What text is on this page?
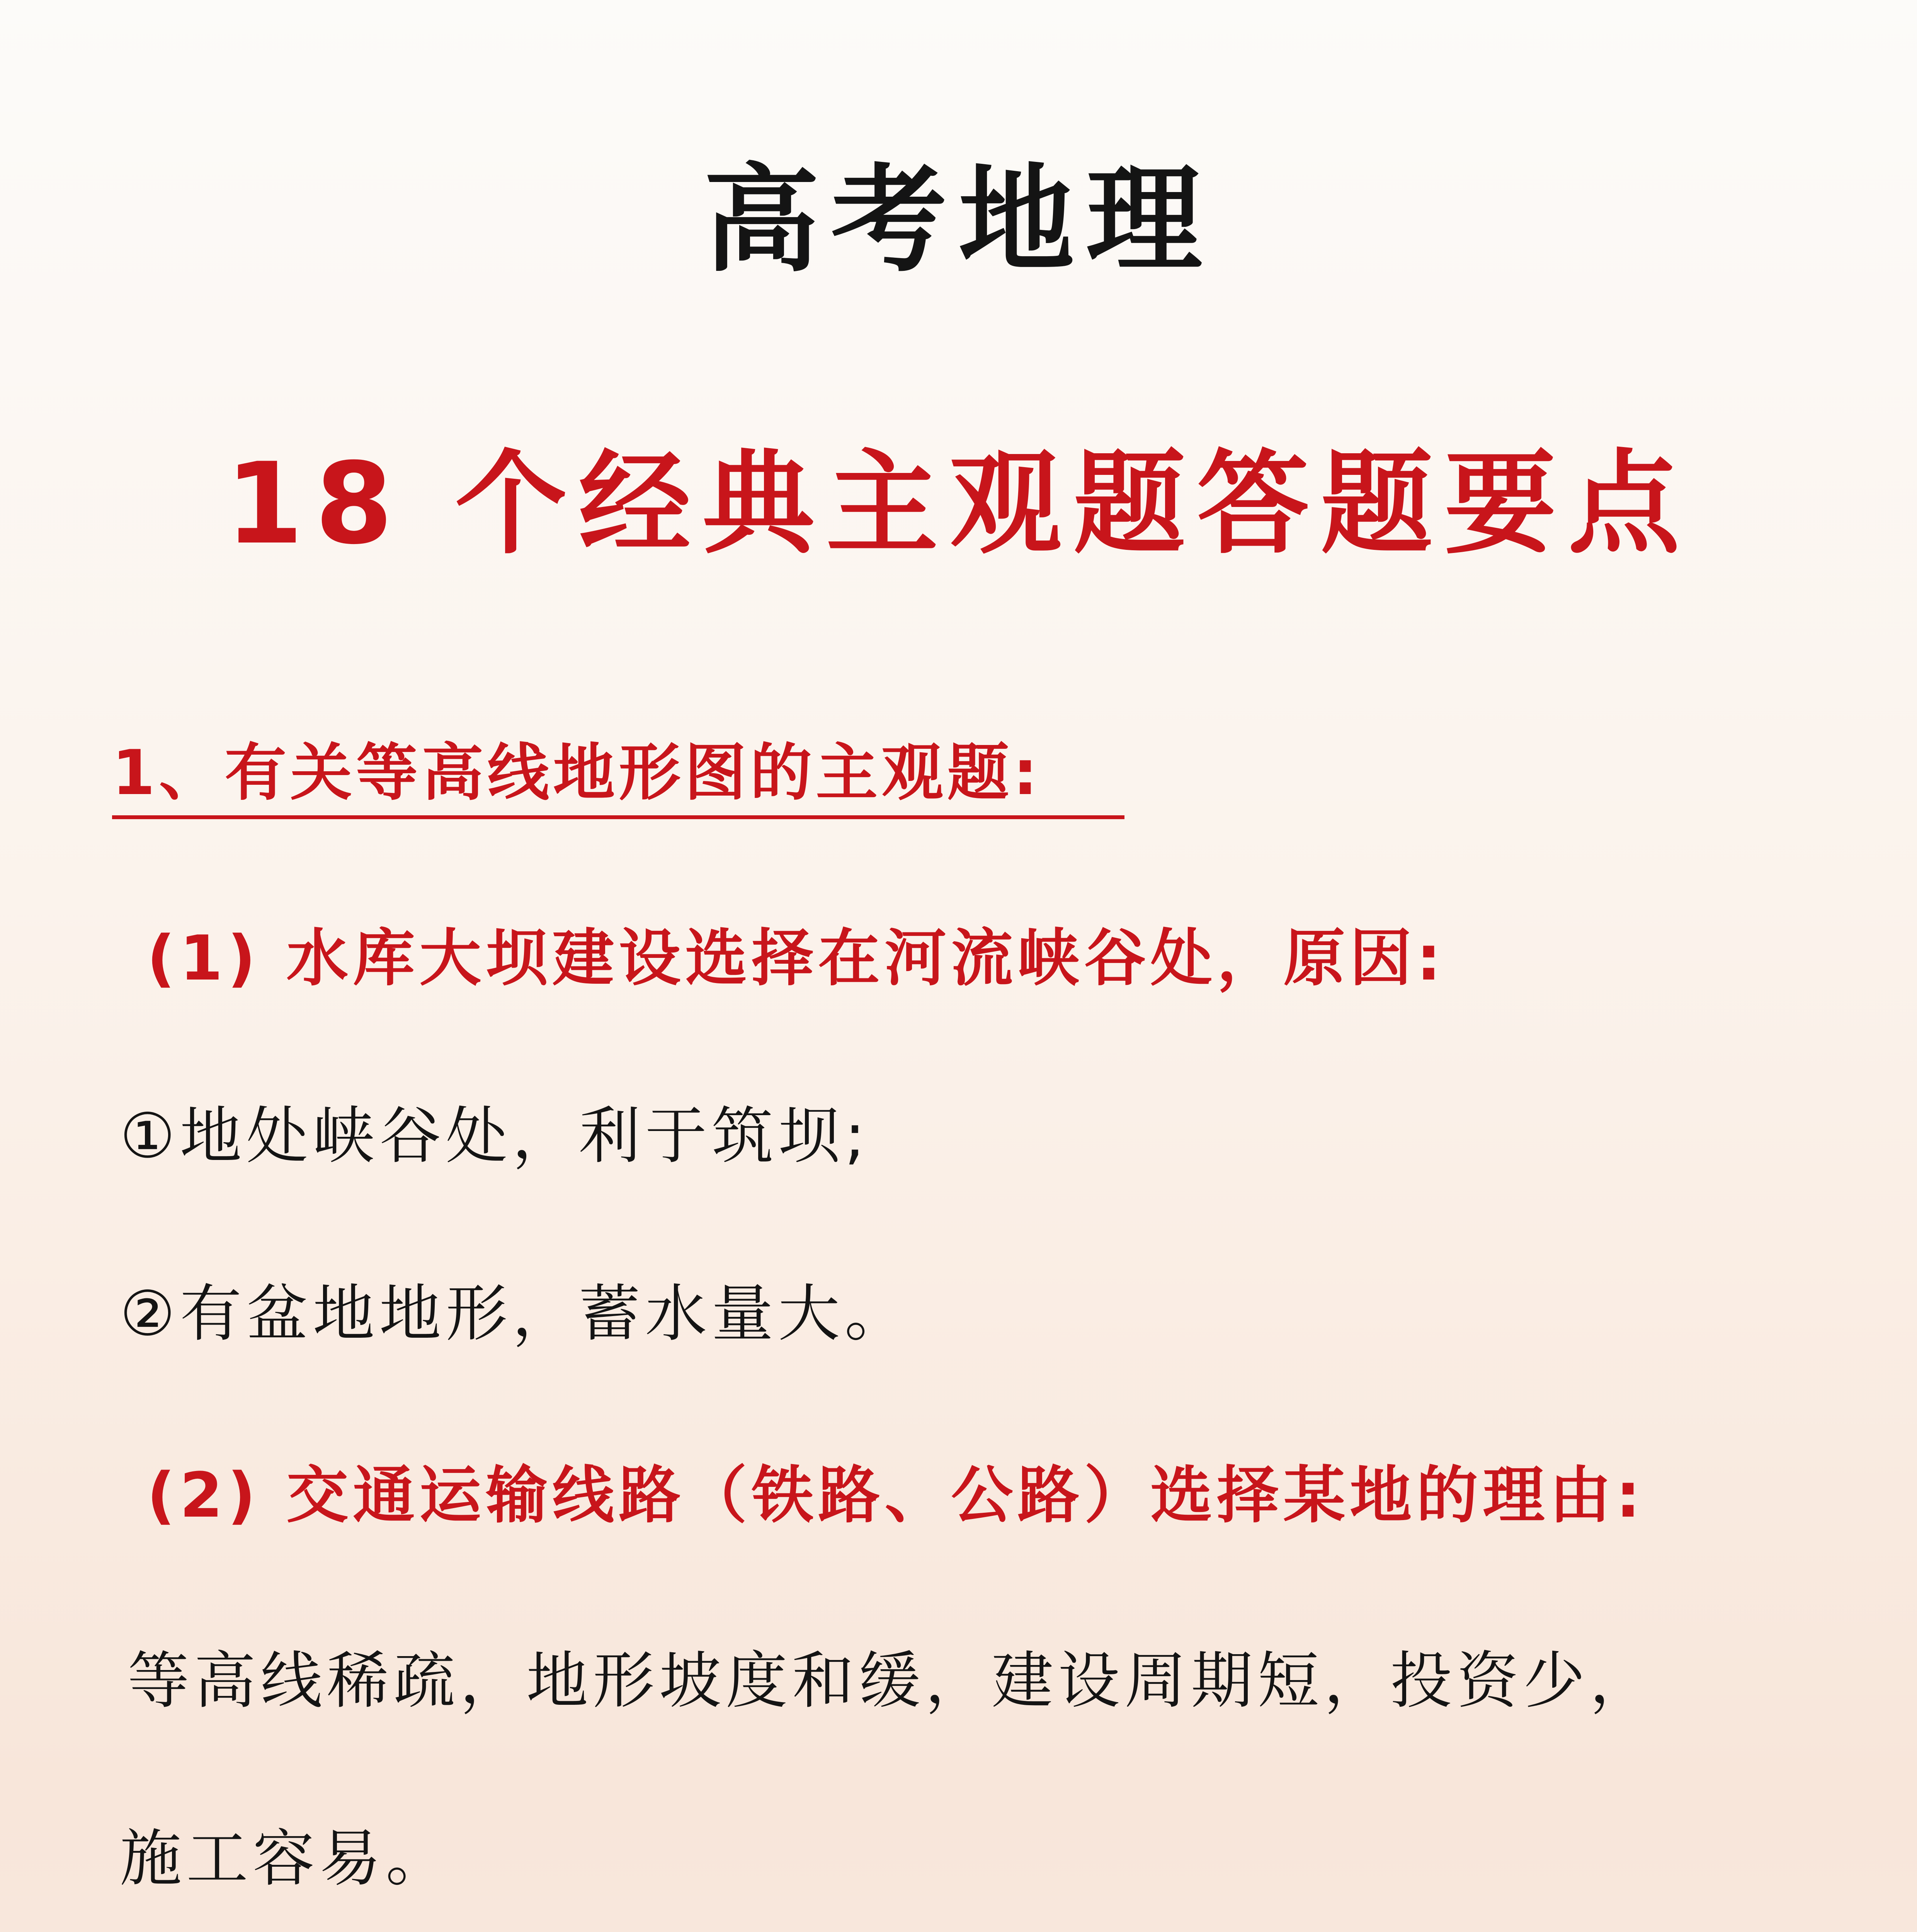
高考地理
18 个经典主观题答题要点
1、有关等高线地形图的主观题:
(1) 水库大坝建设选择在河流峡谷处，原因:
①地处峡谷处，利于筑坝;
②有盆地地形，蓄水量大。
(2) 交通运输线路（铁路、公路）选择某地的理由:
等高线稀疏，地形坡度和缓，建设周期短，投资少，
施工容易。
